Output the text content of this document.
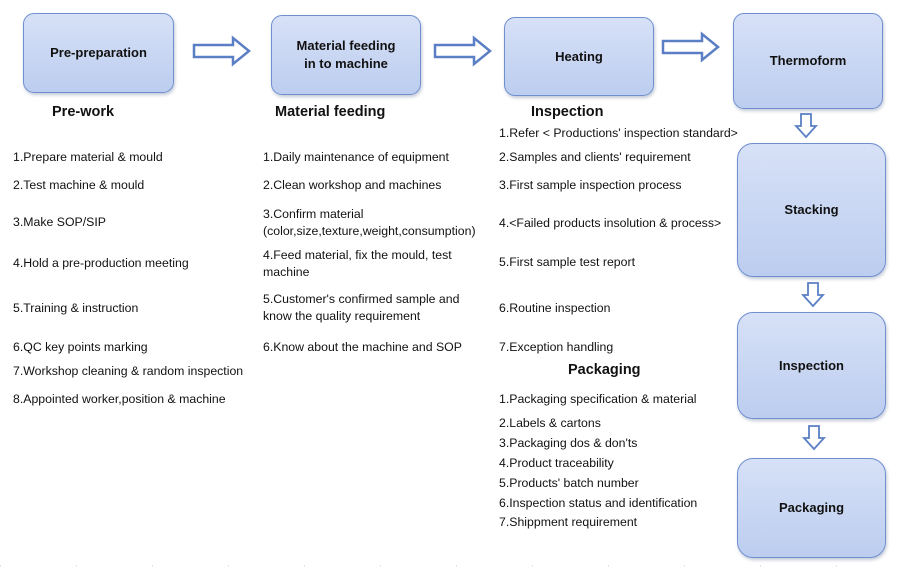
Pre-preparation	Material feeding
in to machine	Heating	Thermoform
Stacking
Inspection
Packaging
Pre-work	Material feeding	Inspection
Packaging
1.Prepare material & mould
2.Test machine & mould
3.Make SOP/SIP
4.Hold a pre-production meeting
5.Training & instruction
6.QC key points marking
7.Workshop cleaning & random inspection
8.Appointed worker,position & machine
1.Daily maintenance of equipment
2.Clean workshop and machines
3.Confirm material (color,size,texture,weight,consumption)
4.Feed material, fix the mould, test machine
5.Customer's confirmed sample and know the quality requirement
6.Know about the machine and SOP
1.Refer < Productions' inspection standard>
2.Samples and clients' requirement
3.First sample inspection process
4.<Failed products insolution & process>
5.First sample test report
6.Routine inspection
7.Exception handling
1.Packaging specification & material
2.Labels & cartons
3.Packaging dos & don'ts
4.Product traceability
5.Products' batch number
6.Inspection status and identification
7.Shippment requirement
